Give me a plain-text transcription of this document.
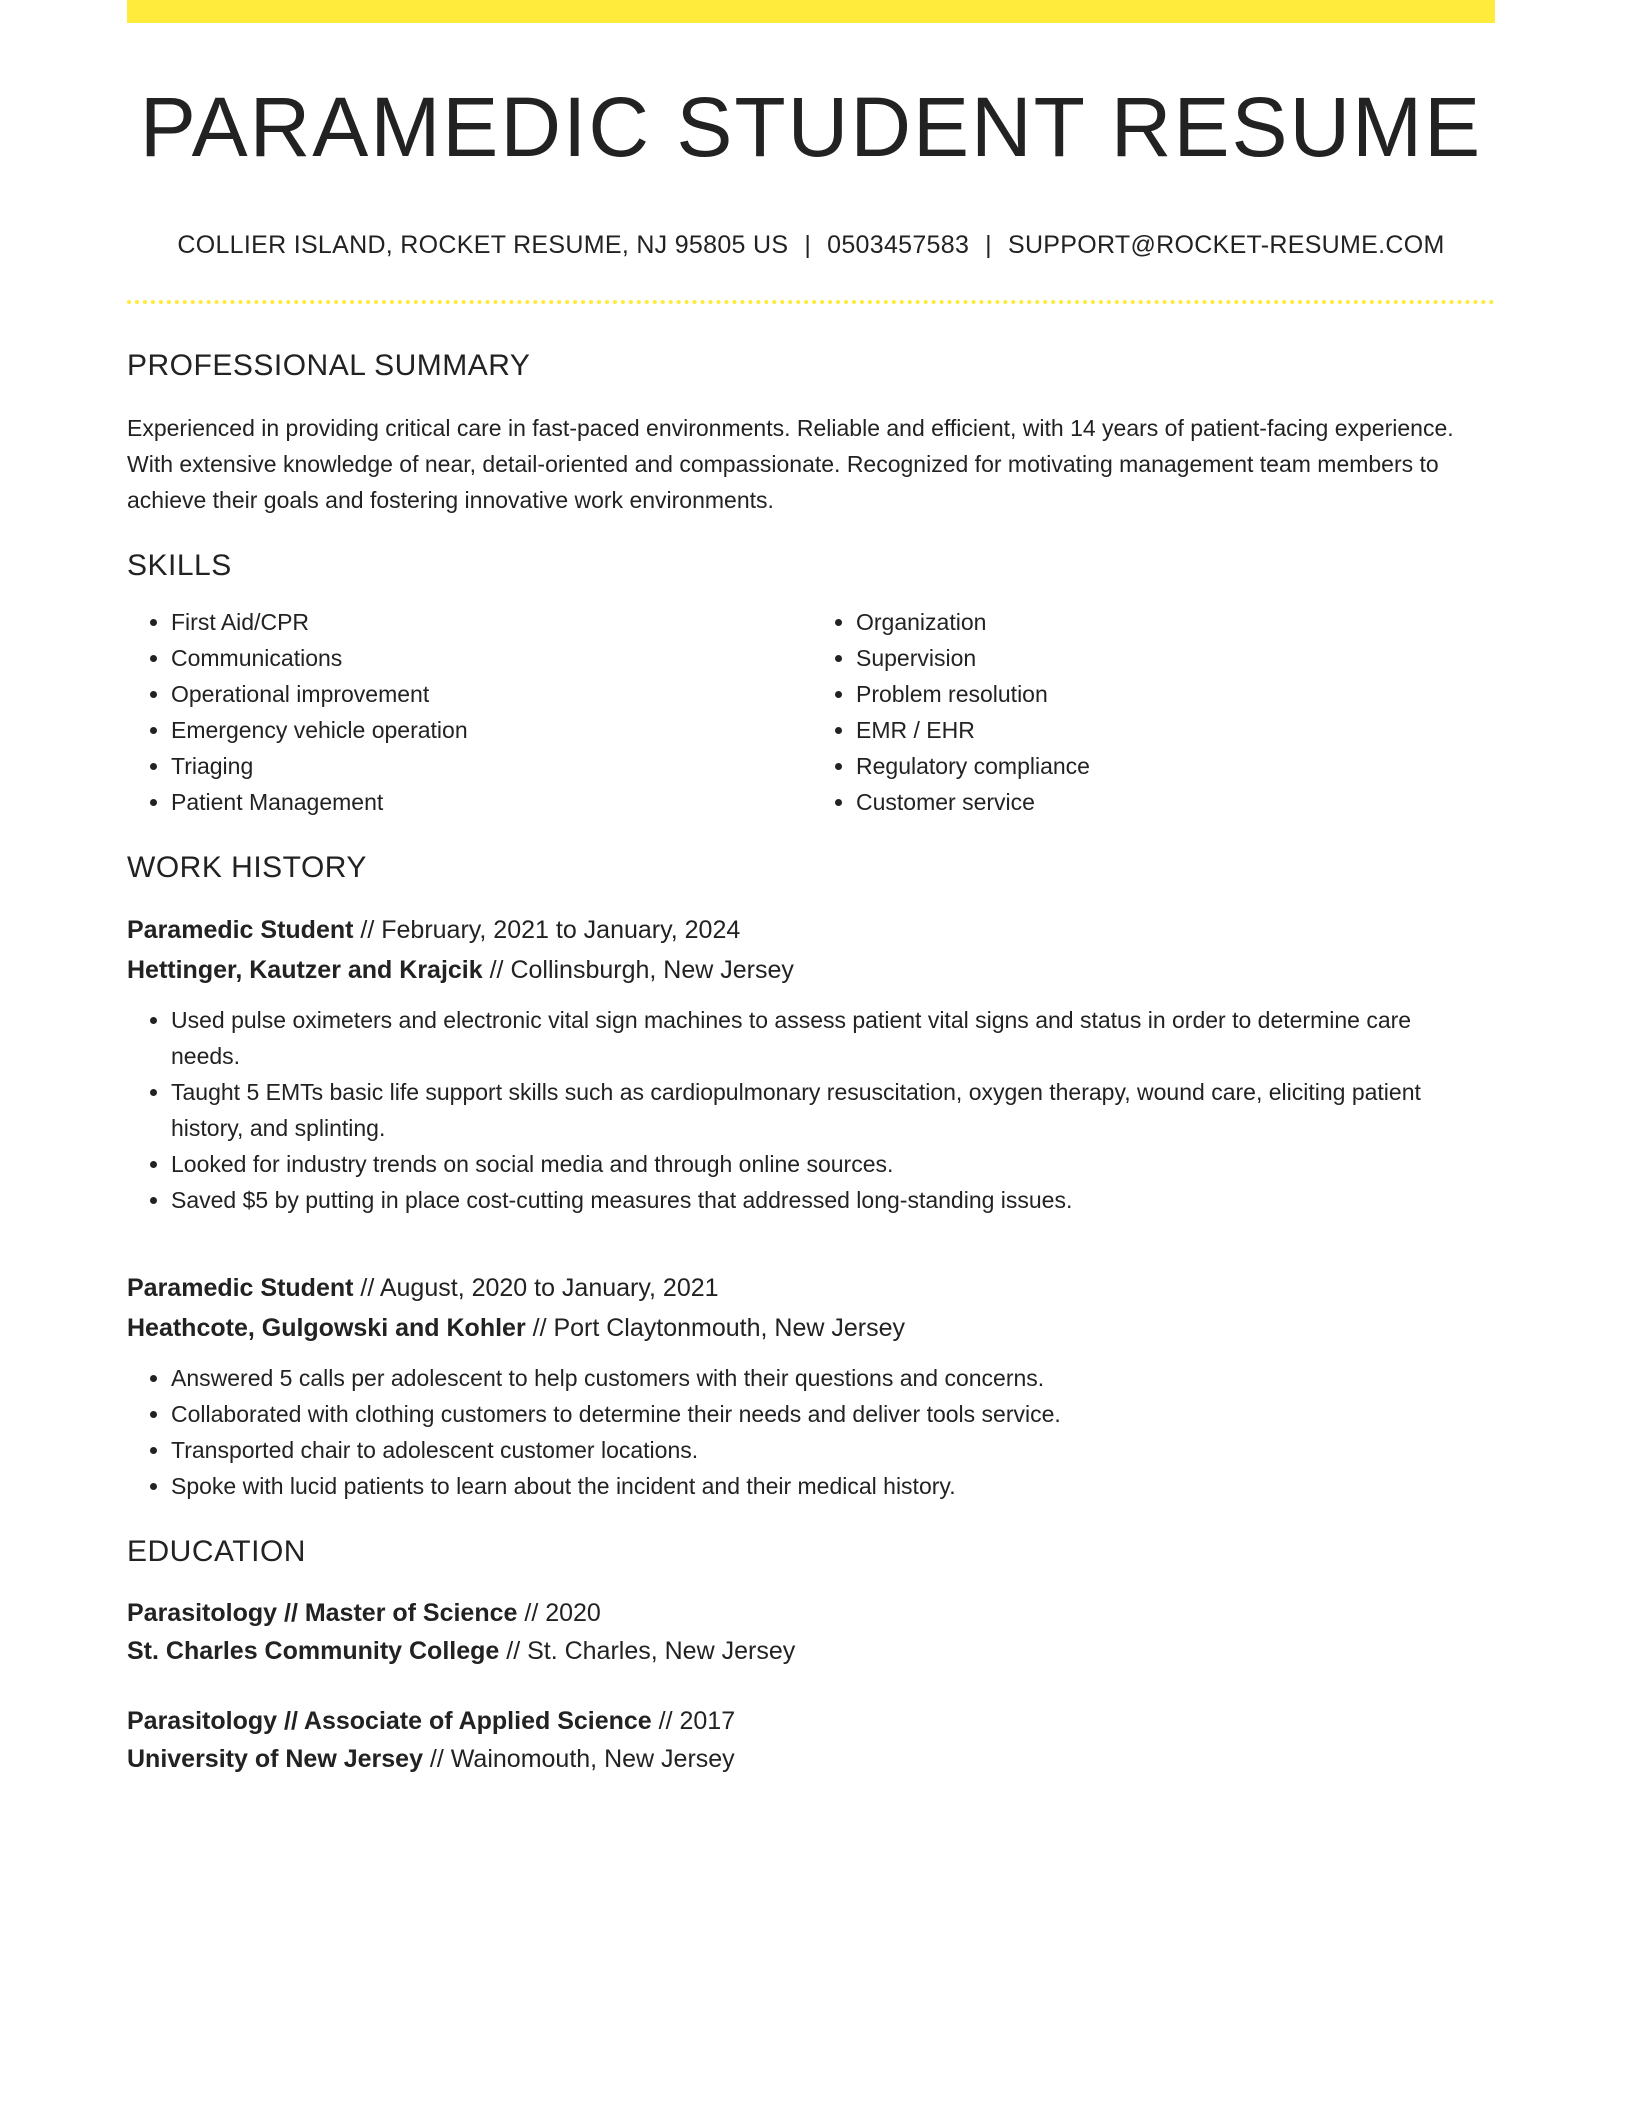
PARAMEDIC STUDENT RESUME
COLLIER ISLAND, ROCKET RESUME, NJ 95805 US | 0503457583 | SUPPORT@ROCKET-RESUME.COM
PROFESSIONAL SUMMARY

Experienced in providing critical care in fast-paced environments. Reliable and efficient, with 14 years of patient-facing experience. With extensive knowledge of near, detail-oriented and compassionate. Recognized for motivating management team members to achieve their goals and fostering innovative work environments.

SKILLS
• First Aid/CPR
• Communications
• Operational improvement
• Emergency vehicle operation
• Triaging
• Patient Management
• Organization
• Supervision
• Problem resolution
• EMR / EHR
• Regulatory compliance
• Customer service
WORK HISTORY
Paramedic Student // February, 2021 to January, 2024
Hettinger, Kautzer and Krajcik // Collinsburgh, New Jersey
• Used pulse oximeters and electronic vital sign machines to assess patient vital signs and status in order to determine care needs.
• Taught 5 EMTs basic life support skills such as cardiopulmonary resuscitation, oxygen therapy, wound care, eliciting patient history, and splinting.
• Looked for industry trends on social media and through online sources.
• Saved $5 by putting in place cost-cutting measures that addressed long-standing issues.
Paramedic Student // August, 2020 to January, 2021
Heathcote, Gulgowski and Kohler // Port Claytonmouth, New Jersey
• Answered 5 calls per adolescent to help customers with their questions and concerns.
• Collaborated with clothing customers to determine their needs and deliver tools service.
• Transported chair to adolescent customer locations.
• Spoke with lucid patients to learn about the incident and their medical history.
EDUCATION
Parasitology // Master of Science // 2020
St. Charles Community College // St. Charles, New Jersey
Parasitology // Associate of Applied Science // 2017
University of New Jersey // Wainomouth, New Jersey
